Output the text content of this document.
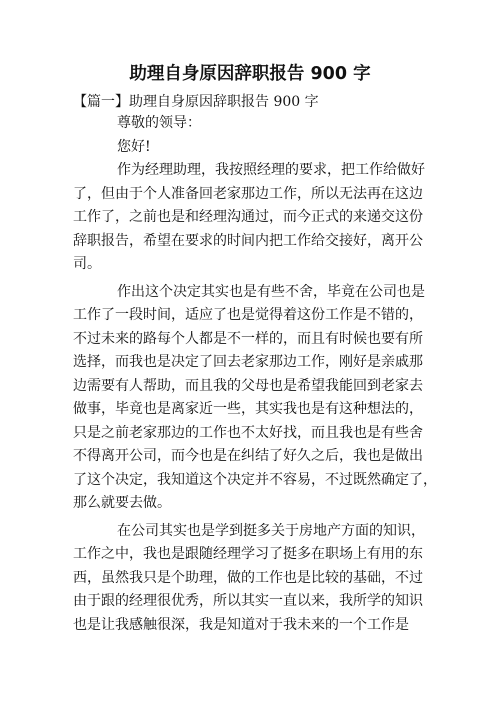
助理自身原因辞职报告 900 字
【篇一】助理自身原因辞职报告 900 字

尊敬的领导：

您好!

作为经理助理，我按照经理的要求，把工作给做好
了，但由于个人准备回老家那边工作，所以无法再在这边
工作了，之前也是和经理沟通过，而今正式的来递交这份
辞职报告，希望在要求的时间内把工作给交接好，离开公
司。
作出这个决定其实也是有些不舍，毕竟在公司也是
工作了一段时间，适应了也是觉得着这份工作是不错的，
不过未来的路每个人都是不一样的，而且有时候也要有所
选择，而我也是决定了回去老家那边工作，刚好是亲戚那
边需要有人帮助，而且我的父母也是希望我能回到老家去
做事，毕竟也是离家近一些，其实我也是有这种想法的，
只是之前老家那边的工作也不太好找，而且我也是有些舍
不得离开公司，而今也是在纠结了好久之后，我也是做出
了这个决定，我知道这个决定并不容易，不过既然确定了，
那么就要去做。
在公司其实也是学到挺多关于房地产方面的知识，
工作之中，我也是跟随经理学习了挺多在职场上有用的东
西，虽然我只是个助理，做的工作也是比较的基础，不过
由于跟的经理很优秀，所以其实一直以来，我所学的知识
也是让我感触很深，我是知道对于我未来的一个工作是
